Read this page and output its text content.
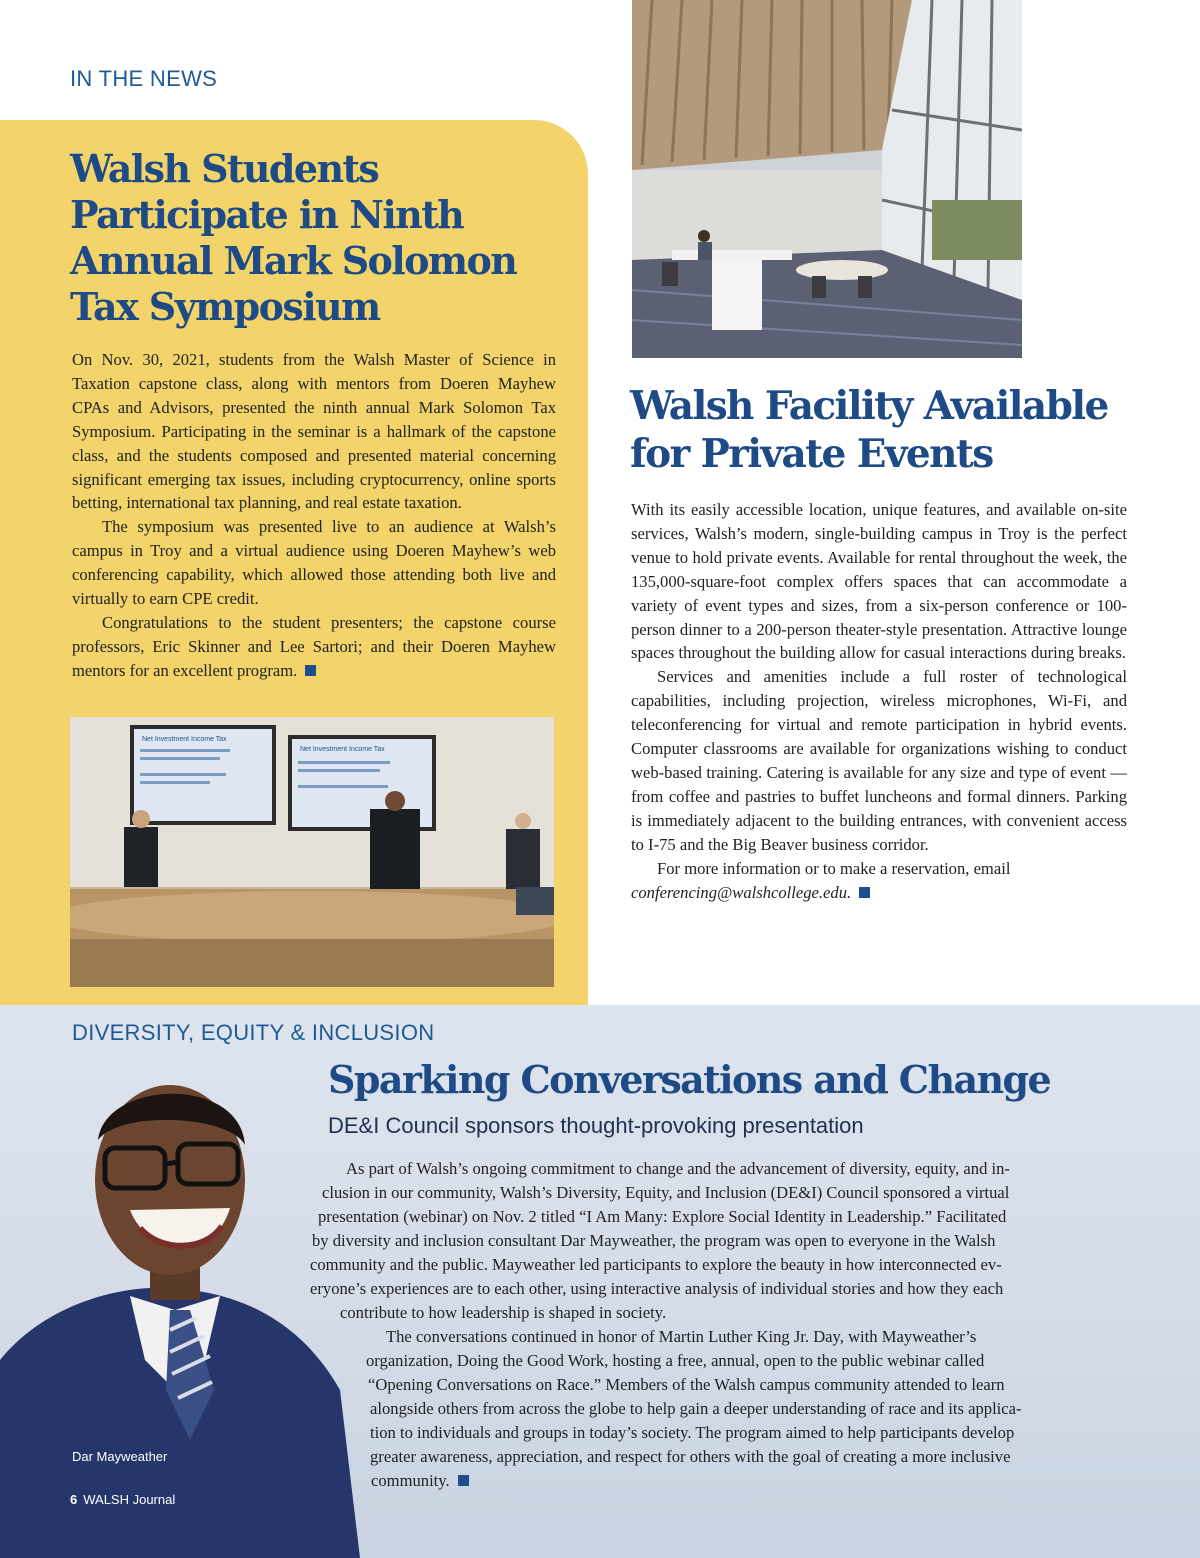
IN THE NEWS
Walsh Students Participate in Ninth Annual Mark Solomon Tax Symposium

On Nov. 30, 2021, students from the Walsh Master of Science in Taxation capstone class, along with mentors from Doeren Mayhew CPAs and Advisors, presented the ninth annual Mark Solomon Tax Symposium. Participating in the seminar is a hallmark of the capstone class, and the students composed and presented material concerning significant emerging tax issues, including cryptocurrency, online sports betting, international tax planning, and real estate taxation.

The symposium was presented live to an audience at Walsh’s campus in Troy and a virtual audience using Doeren Mayhew’s web conferencing capability, which allowed those attending both live and virtually to earn CPE credit.

Congratulations to the student presenters; the capstone course professors, Eric Skinner and Lee Sartori; and their Doeren Mayhew mentors for an excellent program.

Net Investment Income Tax
Net Investment Income Tax
Walsh Facility Available for Private Events

With its easily accessible location, unique features, and available on-site services, Walsh’s modern, single-building campus in Troy is the perfect venue to hold private events. Available for rental throughout the week, the 135,000-square-foot complex offers spaces that can accommodate a variety of event types and sizes, from a six-person conference or 100-person dinner to a 200-person theater-style presentation. Attractive lounge spaces throughout the building allow for casual interactions during breaks.

Services and amenities include a full roster of technological capabilities, including projection, wireless microphones, Wi-Fi, and teleconferencing for virtual and remote participation in hybrid events. Computer classrooms are available for organizations wishing to conduct web-based training. Catering is available for any size and type of event — from coffee and pastries to buffet luncheons and formal dinners. Parking is immediately adjacent to the building entrances, with convenient access to I-75 and the Big Beaver business corridor.

For more information or to make a reservation, email
conferencing@walshcollege.edu.

DIVERSITY, EQUITY & INCLUSION
Dar Mayweather
Sparking Conversations and Change
DE&I Council sponsors thought-provoking presentation
As part of Walsh’s ongoing commitment to change and the advancement of diversity, equity, and in-
clusion in our community, Walsh’s Diversity, Equity, and Inclusion (DE&I) Council sponsored a virtual
presentation (webinar) on Nov. 2 titled “I Am Many: Explore Social Identity in Leadership.” Facilitated
by diversity and inclusion consultant Dar Mayweather, the program was open to everyone in the Walsh
community and the public. Mayweather led participants to explore the beauty in how interconnected ev-
eryone’s experiences are to each other, using interactive analysis of individual stories and how they each
contribute to how leadership is shaped in society.
The conversations continued in honor of Martin Luther King Jr. Day, with Mayweather’s
organization, Doing the Good Work, hosting a free, annual, open to the public webinar called
“Opening Conversations on Race.” Members of the Walsh campus community attended to learn
alongside others from across the globe to help gain a deeper understanding of race and its applica-
tion to individuals and groups in today’s society. The program aimed to help participants develop
greater awareness, appreciation, and respect for others with the goal of creating a more inclusive
community.
6 WALSH Journal
